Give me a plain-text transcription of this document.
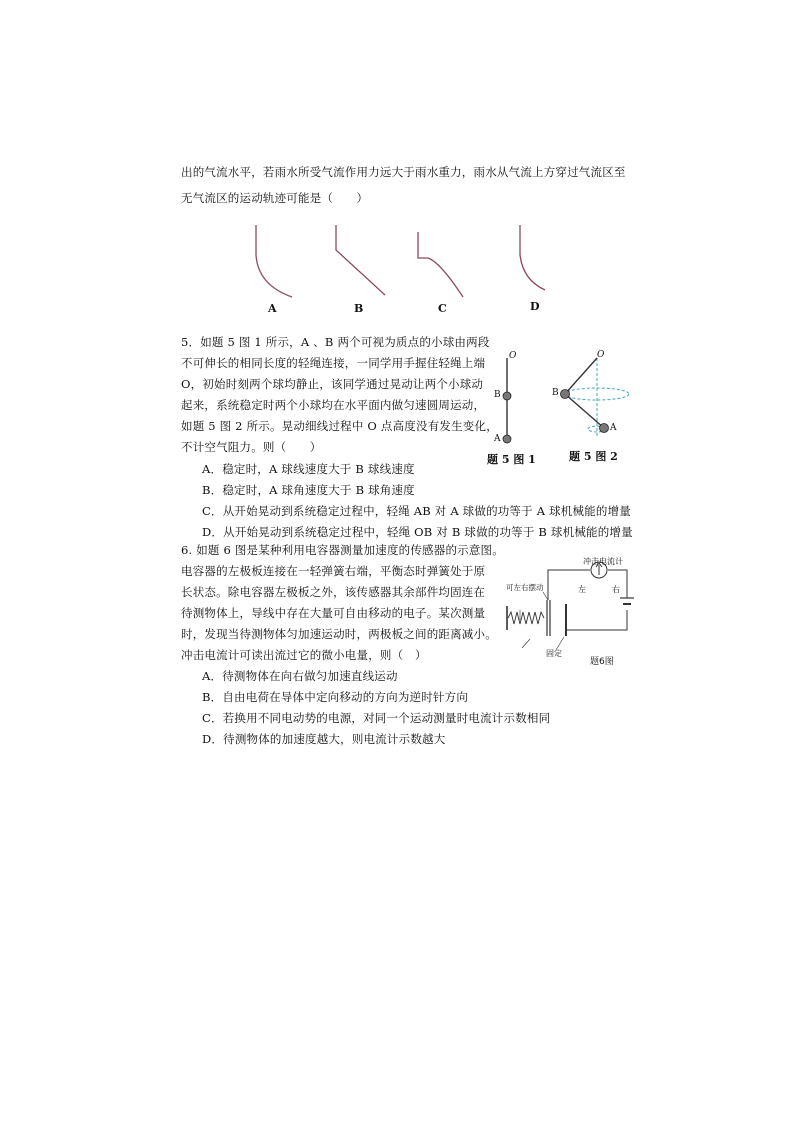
出的气流水平，若雨水所受气流作用力远大于雨水重力，雨水从气流上方穿过气流区至
无气流区的运动轨迹可能是（　　）
A	B	C	D
5．如题 5 图 1 所示，A 、B 两个可视为质点的小球由两段
不可伸长的相同长度的轻绳连接，一同学用手握住轻绳上端
O，初始时刻两个球均静止，该同学通过晃动让两个小球动
起来，系统稳定时两个小球均在水平面内做匀速圆周运动，
如题 5 图 2 所示。晃动细线过程中 O 点高度没有发生变化，
不计空气阻力。则（　　）
A．稳定时，A 球线速度大于 B 球线速度
B．稳定时，A 球角速度大于 B 球角速度
C．从开始晃动到系统稳定过程中，轻绳 AB 对 A 球做的功等于 A 球机械能的增量
D．从开始晃动到系统稳定过程中，轻绳 OB 对 B 球做的功等于 B 球机械能的增量
O
B
A
题 5 图 1
O
B
A
题 5 图 2
6. 如题 6 图是某种利用电容器测量加速度的传感器的示意图。
电容器的左极板连接在一轻弹簧右端，平衡态时弹簧处于原
长状态。除电容器左极板之外，该传感器其余部件均固连在
待测物体上，导线中存在大量可自由移动的电子。某次测量
时，发现当待测物体匀加速运动时，两极板之间的距离减小。
冲击电流计可读出流过它的微小电量，则（　）
A．待测物体在向右做匀加速直线运动
B．自由电荷在导体中定向移动的方向为逆时针方向
C．若换用不同电动势的电源，对同一个运动测量时电流计示数相同
D．待测物体的加速度越大，则电流计示数越大
冲击电流计
可左右摆动	左	右
固定
题6图
